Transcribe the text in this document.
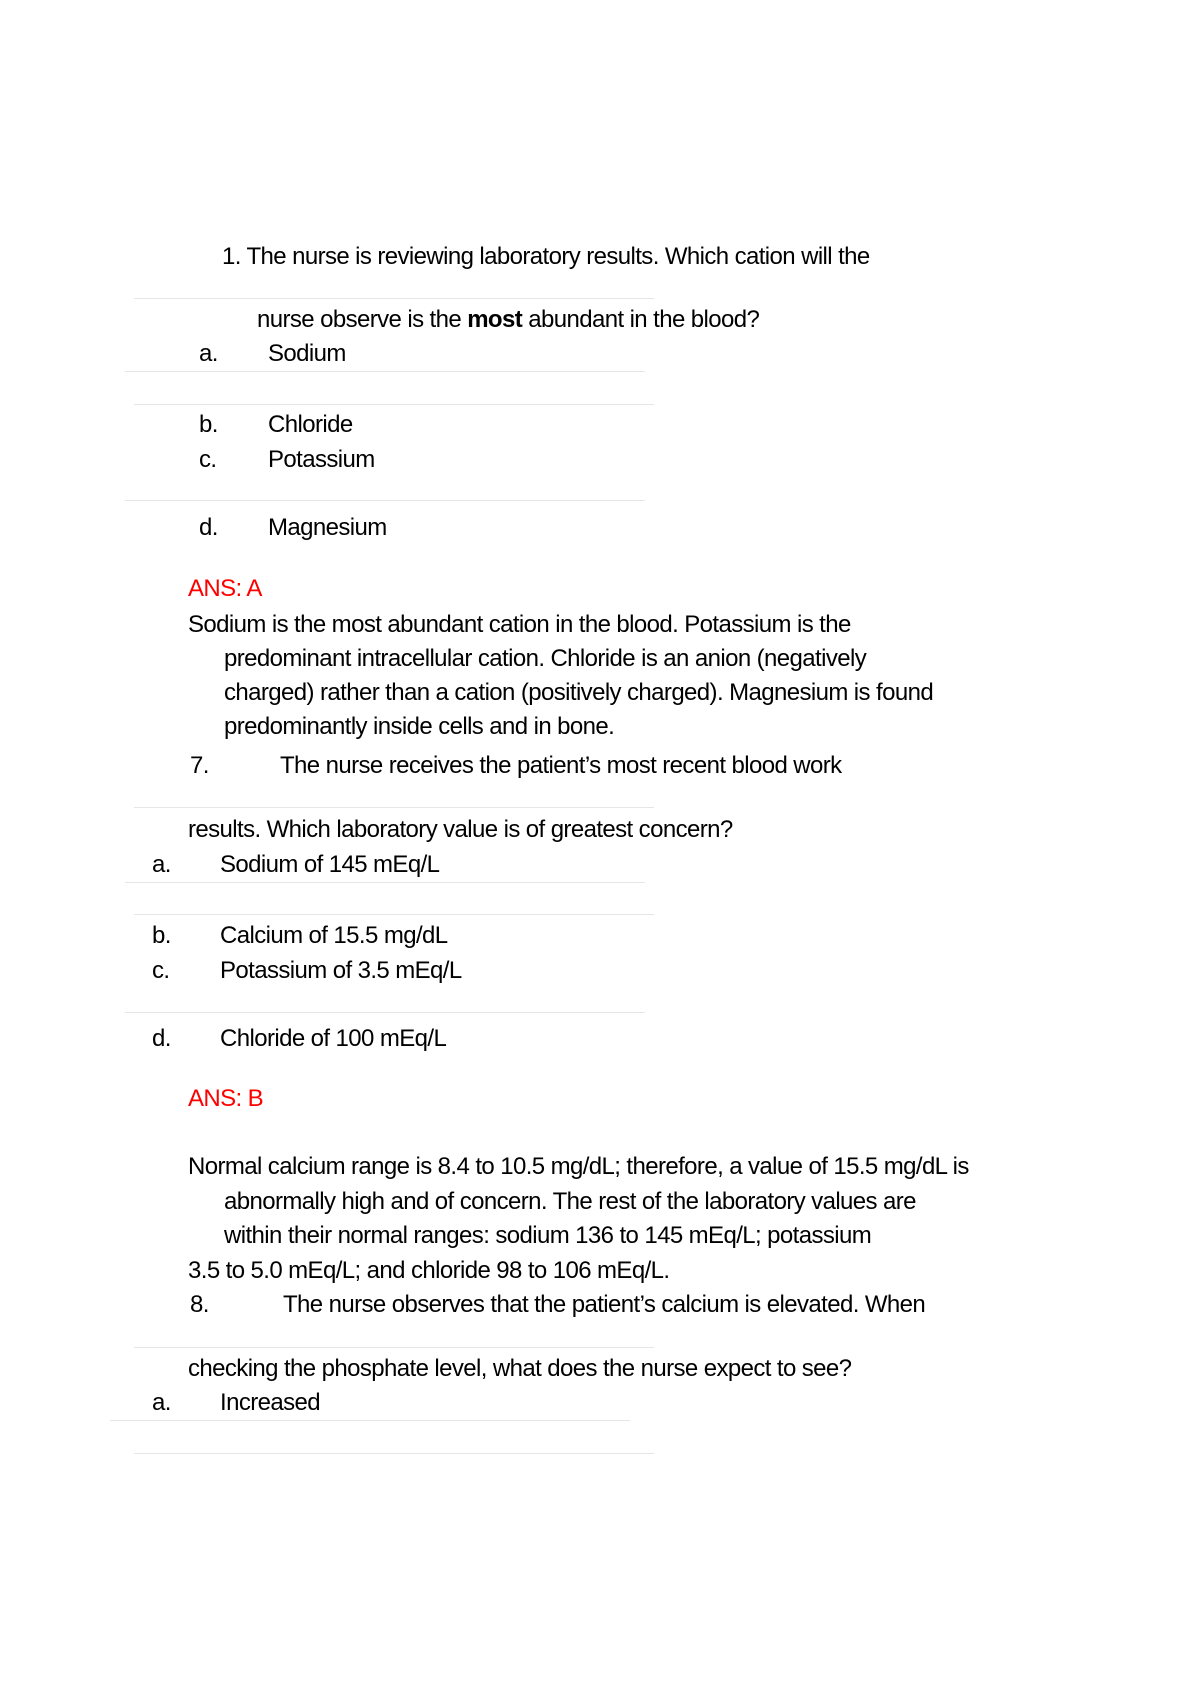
1. The nurse is reviewing laboratory results. Which cation will the
nurse observe is the most abundant in the blood?
a. Sodium
b. Chloride
c. Potassium
d. Magnesium
ANS: A
Sodium is the most abundant cation in the blood. Potassium is the
predominant intracellular cation. Chloride is an anion (negatively
charged) rather than a cation (positively charged). Magnesium is found
predominantly inside cells and in bone.
7.	The nurse receives the patient’s most recent blood work
results. Which laboratory value is of greatest concern?
a. Sodium of 145 mEq/L
b. Calcium of 15.5 mg/dL
c. Potassium of 3.5 mEq/L
d. Chloride of 100 mEq/L
ANS: B
Normal calcium range is 8.4 to 10.5 mg/dL; therefore, a value of 15.5 mg/dL is
abnormally high and of concern. The rest of the laboratory values are
within their normal ranges: sodium 136 to 145 mEq/L; potassium
3.5 to 5.0 mEq/L; and chloride 98 to 106 mEq/L.
8.	The nurse observes that the patient’s calcium is elevated. When
checking the phosphate level, what does the nurse expect to see?
a. Increased
